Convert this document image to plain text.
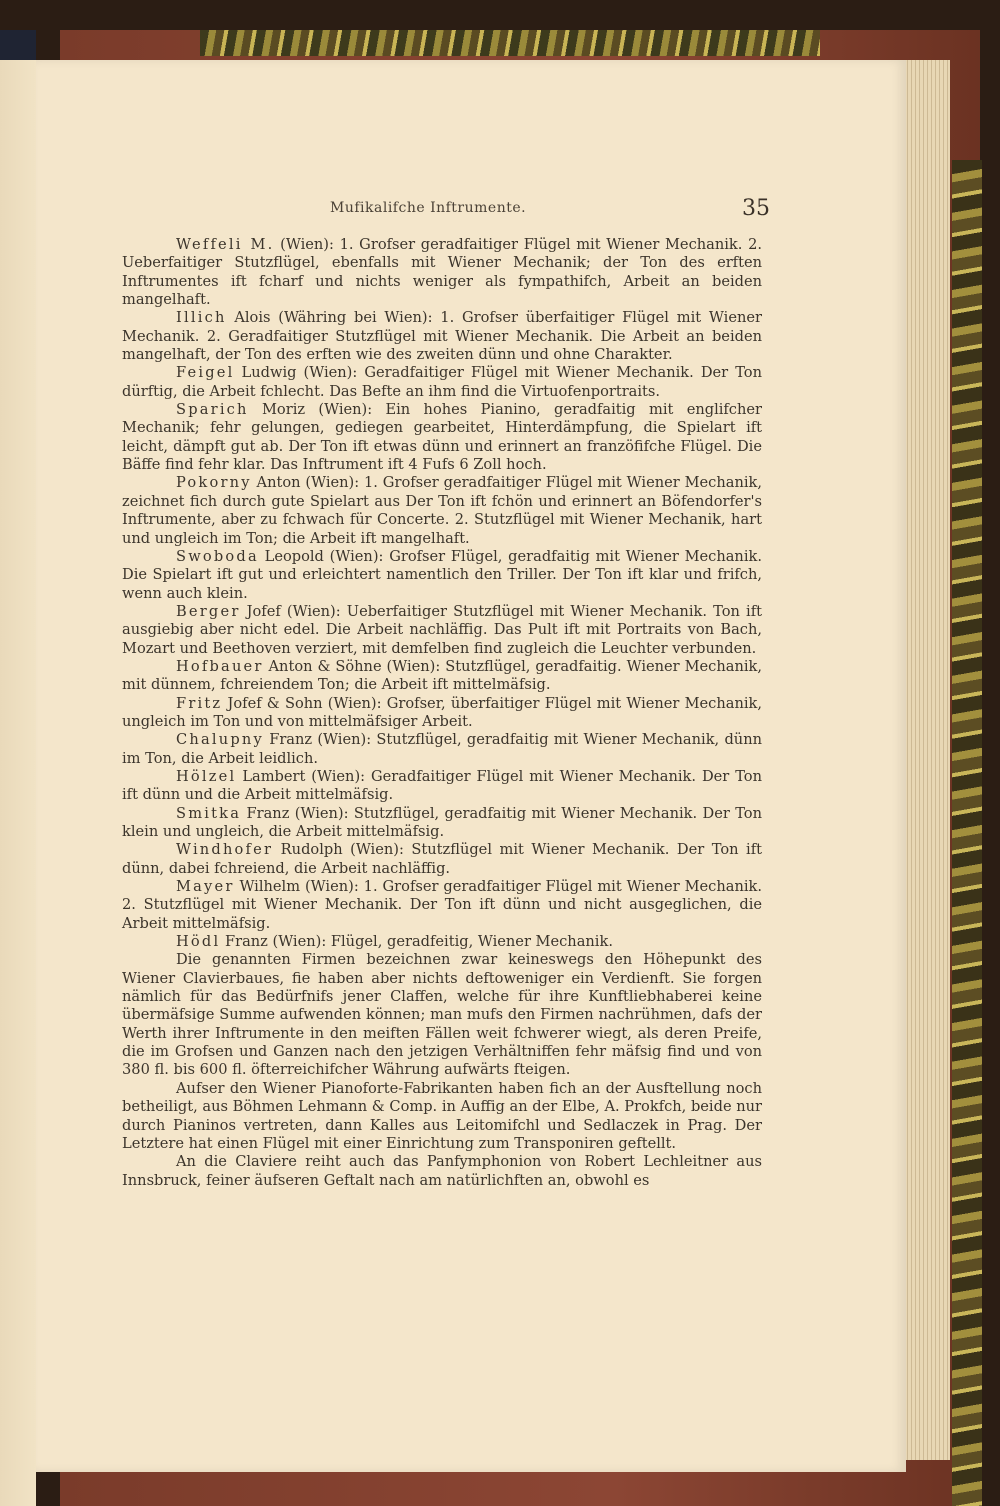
Mufikalifche Inftrumente.	35

Weffeli M. (Wien): 1. Grofser geradfaitiger Flügel mit Wiener Mechanik. 2. Ueberfaitiger Stutzflügel, ebenfalls mit Wiener Mechanik; der Ton des erften Inftrumentes ift fcharf und nichts weniger als fympathifch, Arbeit an beiden mangelhaft.

Illich Alois (Währing bei Wien): 1. Grofser überfaitiger Flügel mit Wiener Mechanik. 2. Geradfaitiger Stutzflügel mit Wiener Mechanik. Die Arbeit an beiden mangelhaft, der Ton des erften wie des zweiten dünn und ohne Charakter.

Feigel Ludwig (Wien): Geradfaitiger Flügel mit Wiener Mechanik. Der Ton dürftig, die Arbeit fchlecht. Das Befte an ihm find die Virtuofenportraits.

Sparich Moriz (Wien): Ein hohes Pianino, geradfaitig mit englifcher Mechanik; fehr gelungen, gediegen gearbeitet, Hinterdämpfung, die Spielart ift leicht, dämpft gut ab. Der Ton ift etwas dünn und erinnert an franzöfifche Flügel. Die Bäffe find fehr klar. Das Inftrument ift 4 Fufs 6 Zoll hoch.

Pokorny Anton (Wien): 1. Grofser geradfaitiger Flügel mit Wiener Mechanik, zeichnet fich durch gute Spielart aus Der Ton ift fchön und erinnert an Böfendorfer's Inftrumente, aber zu fchwach für Concerte. 2. Stutzflügel mit Wiener Mechanik, hart und ungleich im Ton; die Arbeit ift mangelhaft.

Swoboda Leopold (Wien): Grofser Flügel, geradfaitig mit Wiener Mechanik. Die Spielart ift gut und erleichtert namentlich den Triller. Der Ton ift klar und frifch, wenn auch klein.

Berger Jofef (Wien): Ueberfaitiger Stutzflügel mit Wiener Mechanik. Ton ift ausgiebig aber nicht edel. Die Arbeit nachläffig. Das Pult ift mit Portraits von Bach, Mozart und Beethoven verziert, mit demfelben find zugleich die Leuchter verbunden.

Hofbauer Anton & Söhne (Wien): Stutzflügel, geradfaitig. Wiener Mechanik, mit dünnem, fchreiendem Ton; die Arbeit ift mittelmäfsig.

Fritz Jofef & Sohn (Wien): Grofser, überfaitiger Flügel mit Wiener Mechanik, ungleich im Ton und von mittelmäfsiger Arbeit.

Chalupny Franz (Wien): Stutzflügel, geradfaitig mit Wiener Mechanik, dünn im Ton, die Arbeit leidlich.

Hölzel Lambert (Wien): Geradfaitiger Flügel mit Wiener Mechanik. Der Ton ift dünn und die Arbeit mittelmäfsig.

Smitka Franz (Wien): Stutzflügel, geradfaitig mit Wiener Mechanik. Der Ton klein und ungleich, die Arbeit mittelmäfsig.

Windhofer Rudolph (Wien): Stutzflügel mit Wiener Mechanik. Der Ton ift dünn, dabei fchreiend, die Arbeit nachläffig.

Mayer Wilhelm (Wien): 1. Grofser geradfaitiger Flügel mit Wiener Mechanik. 2. Stutzflügel mit Wiener Mechanik. Der Ton ift dünn und nicht ausgeglichen, die Arbeit mittelmäfsig.

Hödl Franz (Wien): Flügel, geradfeitig, Wiener Mechanik.

Die genannten Firmen bezeichnen zwar keineswegs den Höhepunkt des Wiener Clavierbaues, fie haben aber nichts deftoweniger ein Verdienft. Sie forgen nämlich für das Bedürfnifs jener Claffen, welche für ihre Kunftliebhaberei keine übermäfsige Summe aufwenden können; man mufs den Firmen nachrühmen, dafs der Werth ihrer Inftrumente in den meiften Fällen weit fchwerer wiegt, als deren Preife, die im Grofsen und Ganzen nach den jetzigen Verhältniffen fehr mäfsig find und von 380 fl. bis 600 fl. öfterreichifcher Währung aufwärts fteigen.

Aufser den Wiener Pianoforte-Fabrikanten haben fich an der Ausftellung noch betheiligt, aus Böhmen Lehmann & Comp. in Auffig an der Elbe, A. Prokfch, beide nur durch Pianinos vertreten, dann Kalles aus Leitomifchl und Sedlaczek in Prag. Der Letztere hat einen Flügel mit einer Einrichtung zum Transponiren geftellt.

An die Claviere reiht auch das Panfymphonion von Robert Lechleitner aus Innsbruck, feiner äufseren Geftalt nach am natürlichften an, obwohl es
